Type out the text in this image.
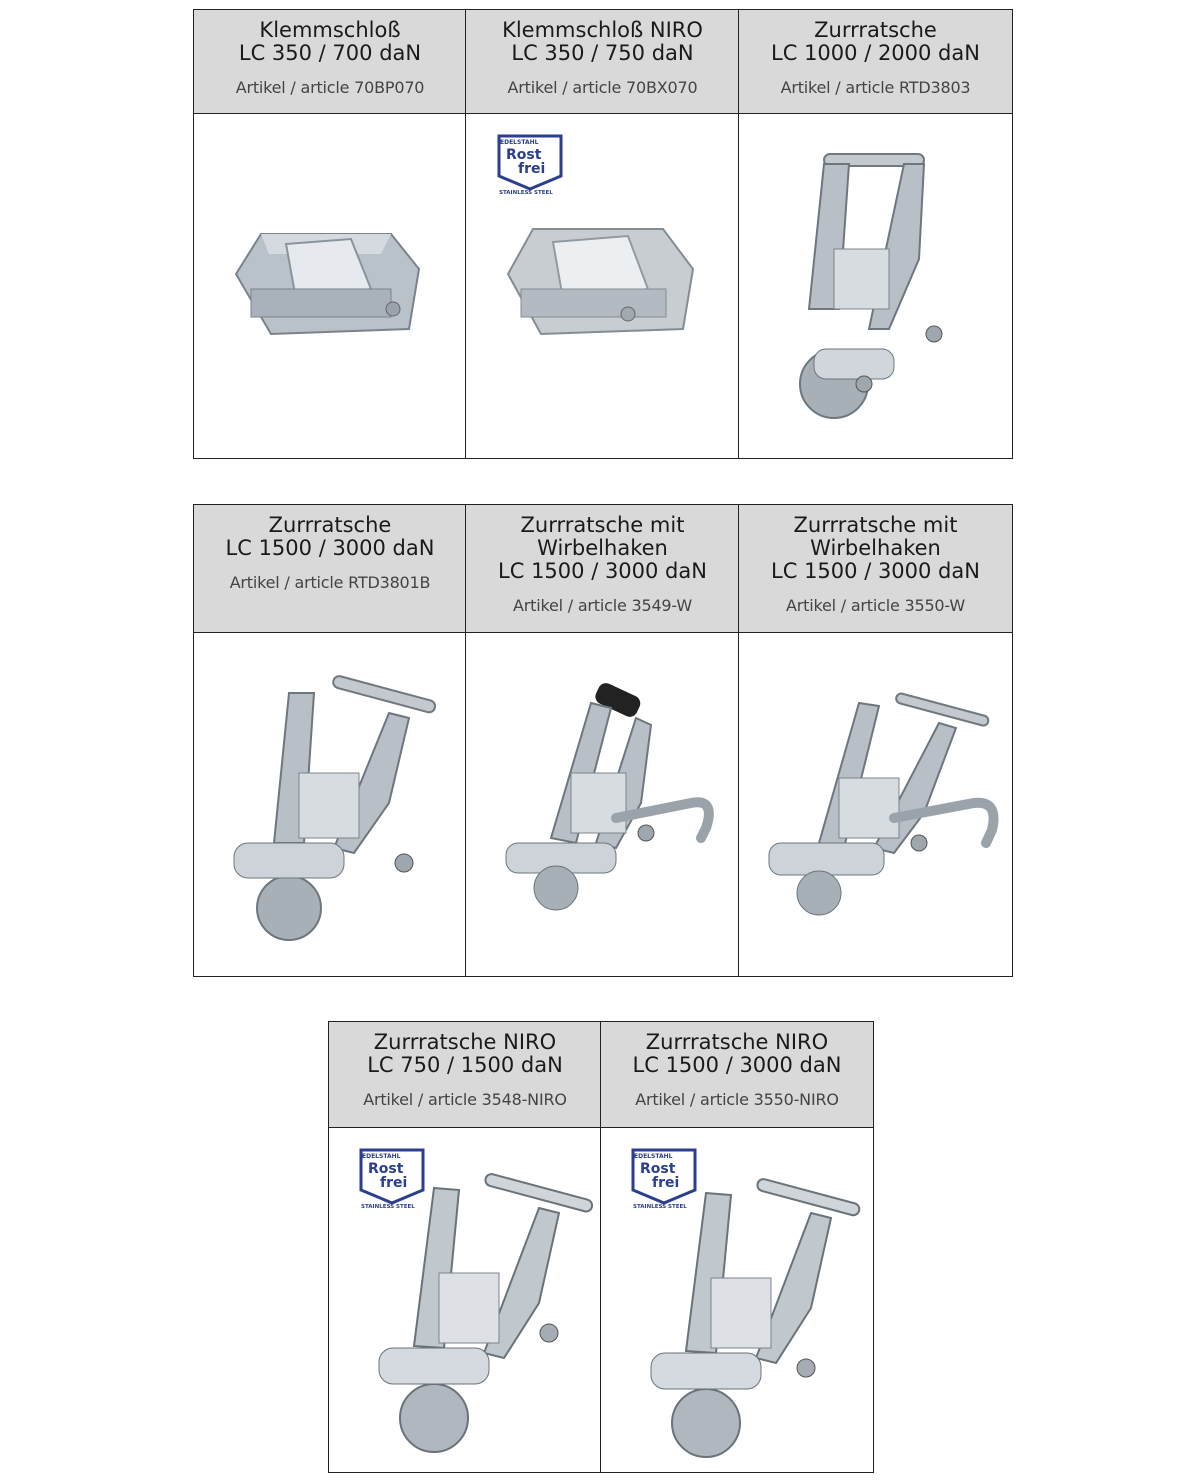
Klemmschloß
LC 350 / 700 daN
Artikel / article 70BP070
Klemmschloß NIRO
LC 350 / 750 daN
Artikel / article 70BX070
Zurrratsche
LC 1000 / 2000 daN
Artikel / article RTD3803
EDELSTAHL
Rost
frei
STAINLESS STEEL
Zurrratsche
LC 1500 / 3000 daN
Artikel / article RTD3801B
Zurrratsche mit
Wirbelhaken
LC 1500 / 3000 daN
Artikel / article 3549-W
Zurrratsche mit
Wirbelhaken
LC 1500 / 3000 daN
Artikel / article 3550-W
Zurrratsche NIRO
LC 750 / 1500 daN
Artikel / article 3548-NIRO
Zurrratsche NIRO
LC 1500 / 3000 daN
Artikel / article 3550-NIRO
EDELSTAHL
Rost
frei
STAINLESS STEEL
EDELSTAHL
Rost
frei
STAINLESS STEEL
